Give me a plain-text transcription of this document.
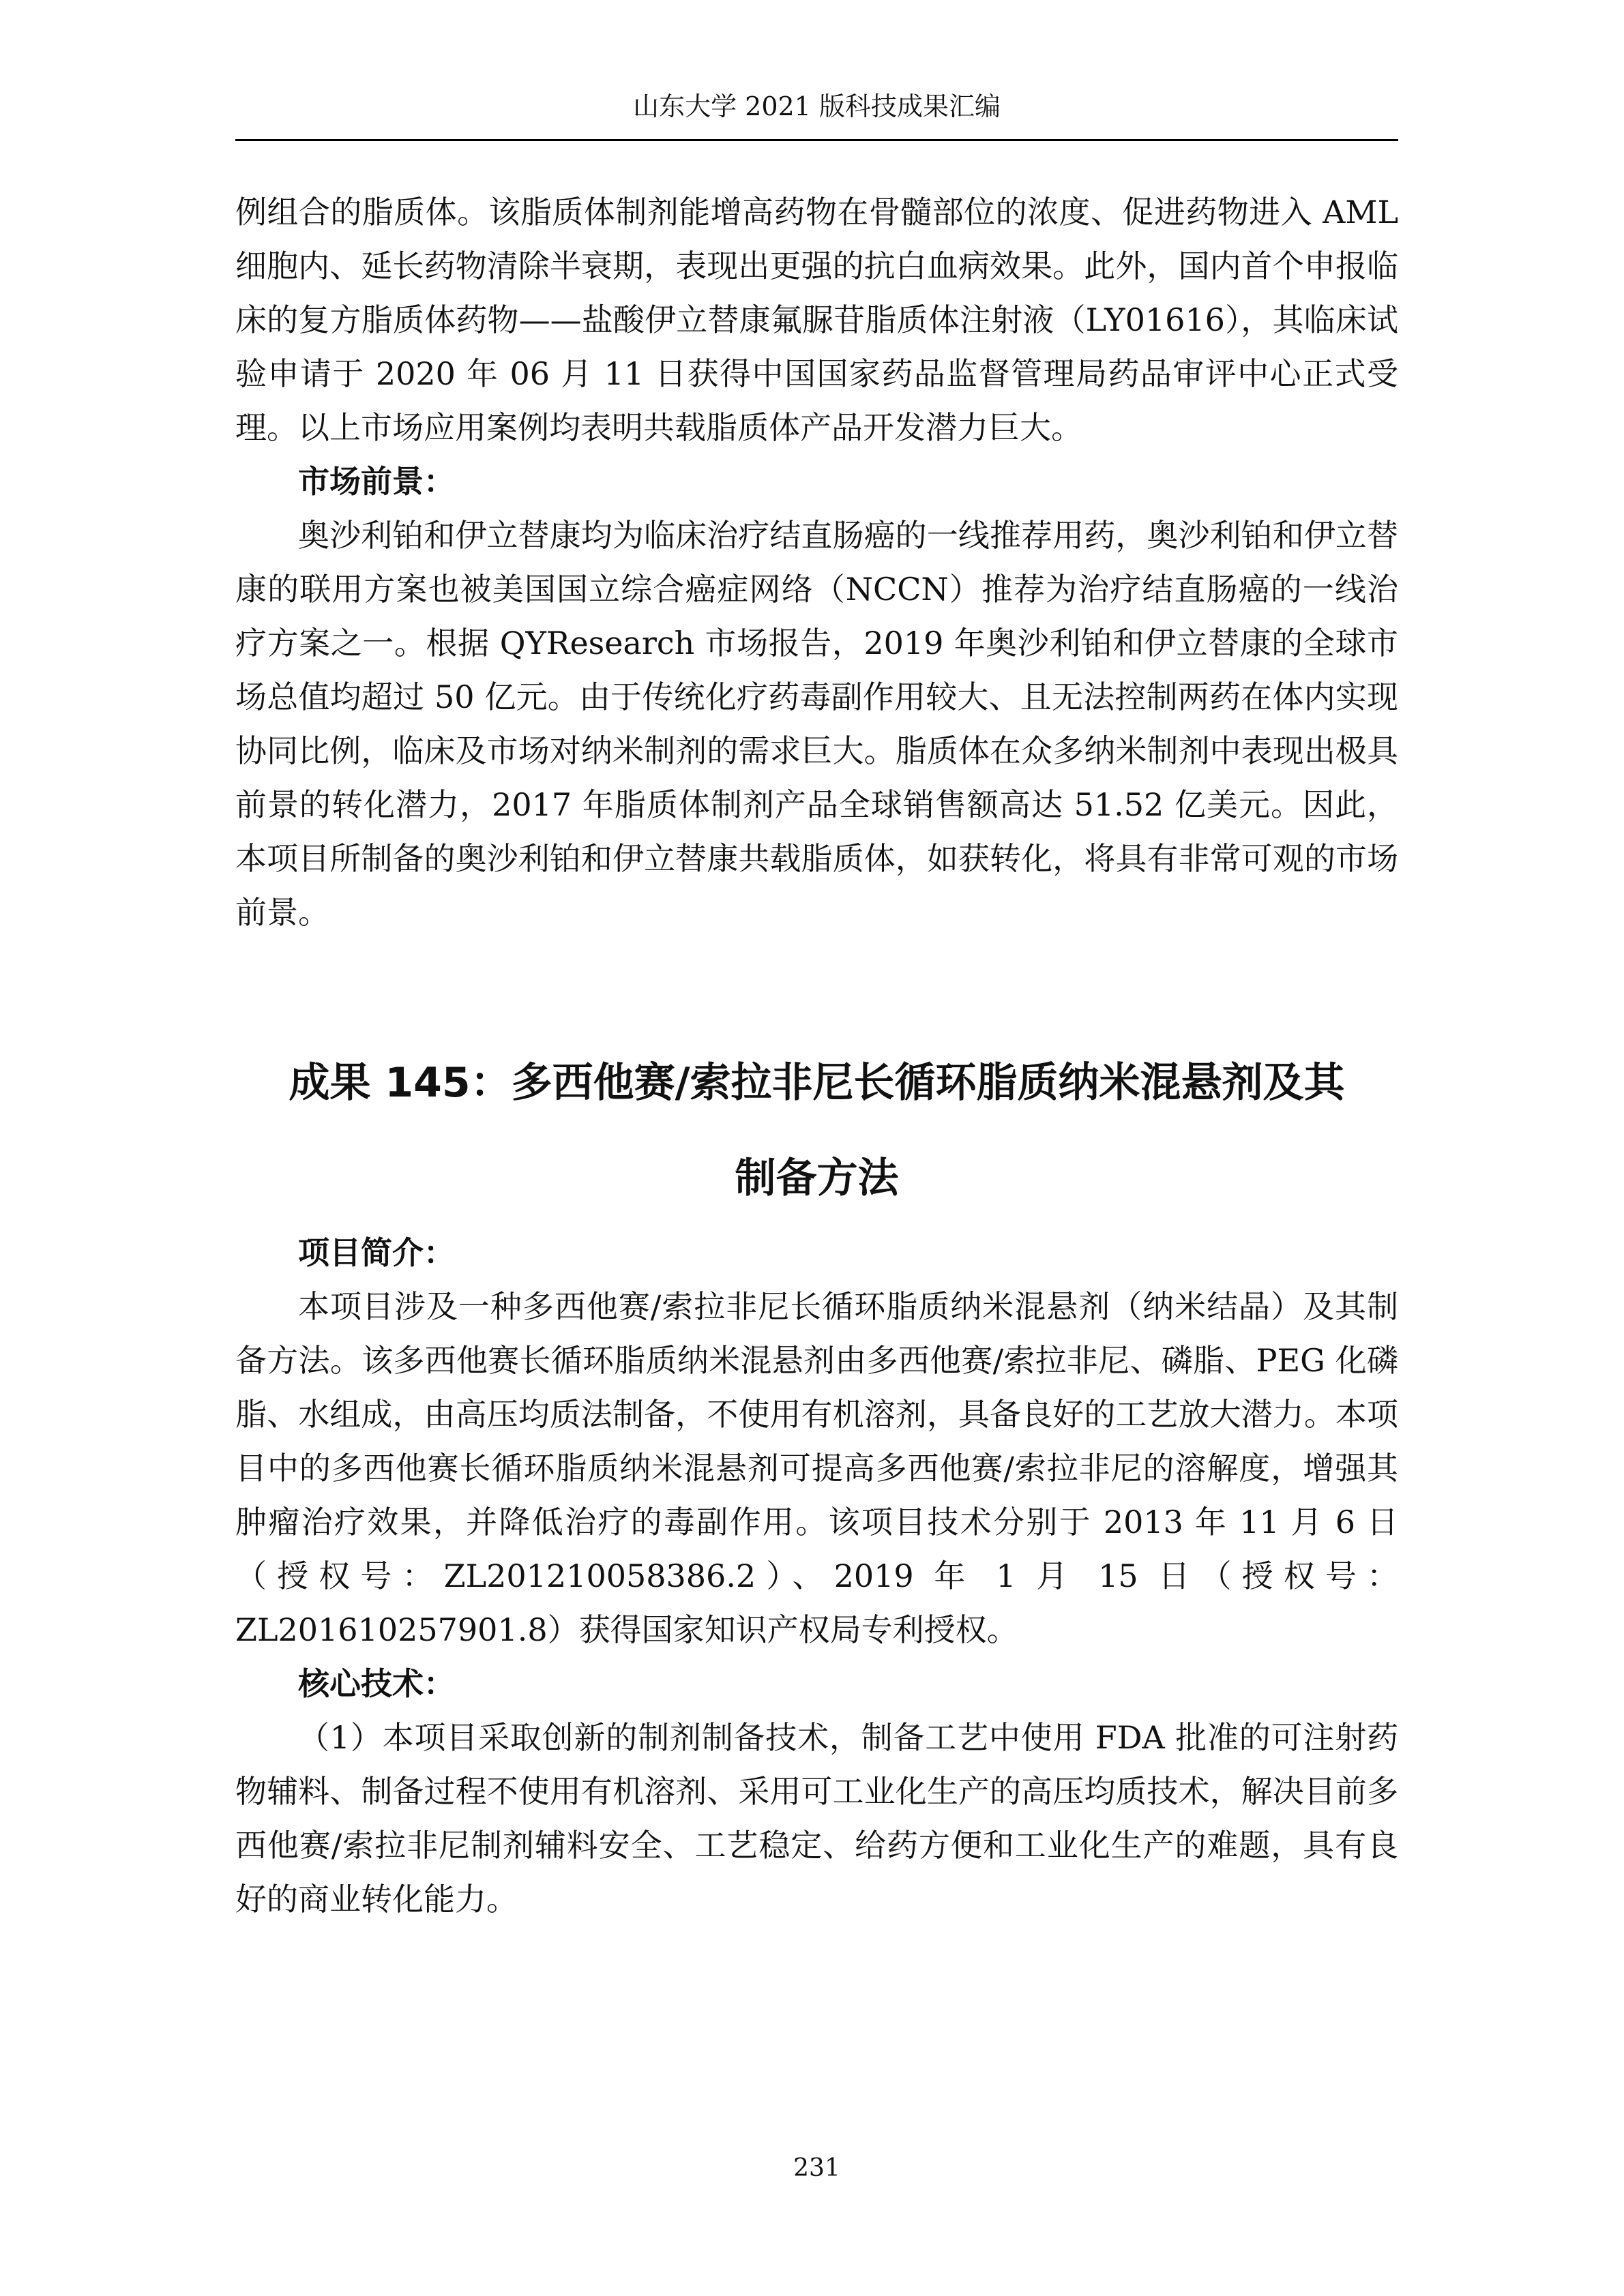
山东大学 2021 版科技成果汇编

例组合的脂质体。该脂质体制剂能增高药物在骨髓部位的浓度、促进药物进入 AML 细胞内、延长药物清除半衰期，表现出更强的抗白血病效果。此外，国内首个申报临床的复方脂质体药物——盐酸伊立替康氟脲苷脂质体注射液（LY01616），其临床试验申请于 2020 年 06 月 11 日获得中国国家药品监督管理局药品审评中心正式受理。以上市场应用案例均表明共载脂质体产品开发潜力巨大。

市场前景：

奥沙利铂和伊立替康均为临床治疗结直肠癌的一线推荐用药，奥沙利铂和伊立替康的联用方案也被美国国立综合癌症网络（NCCN）推荐为治疗结直肠癌的一线治疗方案之一。根据 QYResearch 市场报告，2019 年奥沙利铂和伊立替康的全球市场总值均超过 50 亿元。由于传统化疗药毒副作用较大、且无法控制两药在体内实现协同比例，临床及市场对纳米制剂的需求巨大。脂质体在众多纳米制剂中表现出极具前景的转化潜力，2017 年脂质体制剂产品全球销售额高达 51.52 亿美元。因此，本项目所制备的奥沙利铂和伊立替康共载脂质体，如获转化，将具有非常可观的市场前景。

成果 145：多西他赛/索拉非尼长循环脂质纳米混悬剂及其
制备方法

项目简介：

本项目涉及一种多西他赛/索拉非尼长循环脂质纳米混悬剂（纳米结晶）及其制备方法。该多西他赛长循环脂质纳米混悬剂由多西他赛/索拉非尼、磷脂、PEG 化磷脂、水组成，由高压均质法制备，不使用有机溶剂，具备良好的工艺放大潜力。本项目中的多西他赛长循环脂质纳米混悬剂可提高多西他赛/索拉非尼的溶解度，增强其肿瘤治疗效果，并降低治疗的毒副作用。该项目技术分别于 2013 年 11 月 6 日（授权号：ZL201210058386.2）、2019 年 1 月 15 日（授权号：ZL201610257901.8）获得国家知识产权局专利授权。

核心技术：

（1）本项目采取创新的制剂制备技术，制备工艺中使用 FDA 批准的可注射药物辅料、制备过程不使用有机溶剂、采用可工业化生产的高压均质技术，解决目前多西他赛/索拉非尼制剂辅料安全、工艺稳定、给药方便和工业化生产的难题，具有良好的商业转化能力。

231
